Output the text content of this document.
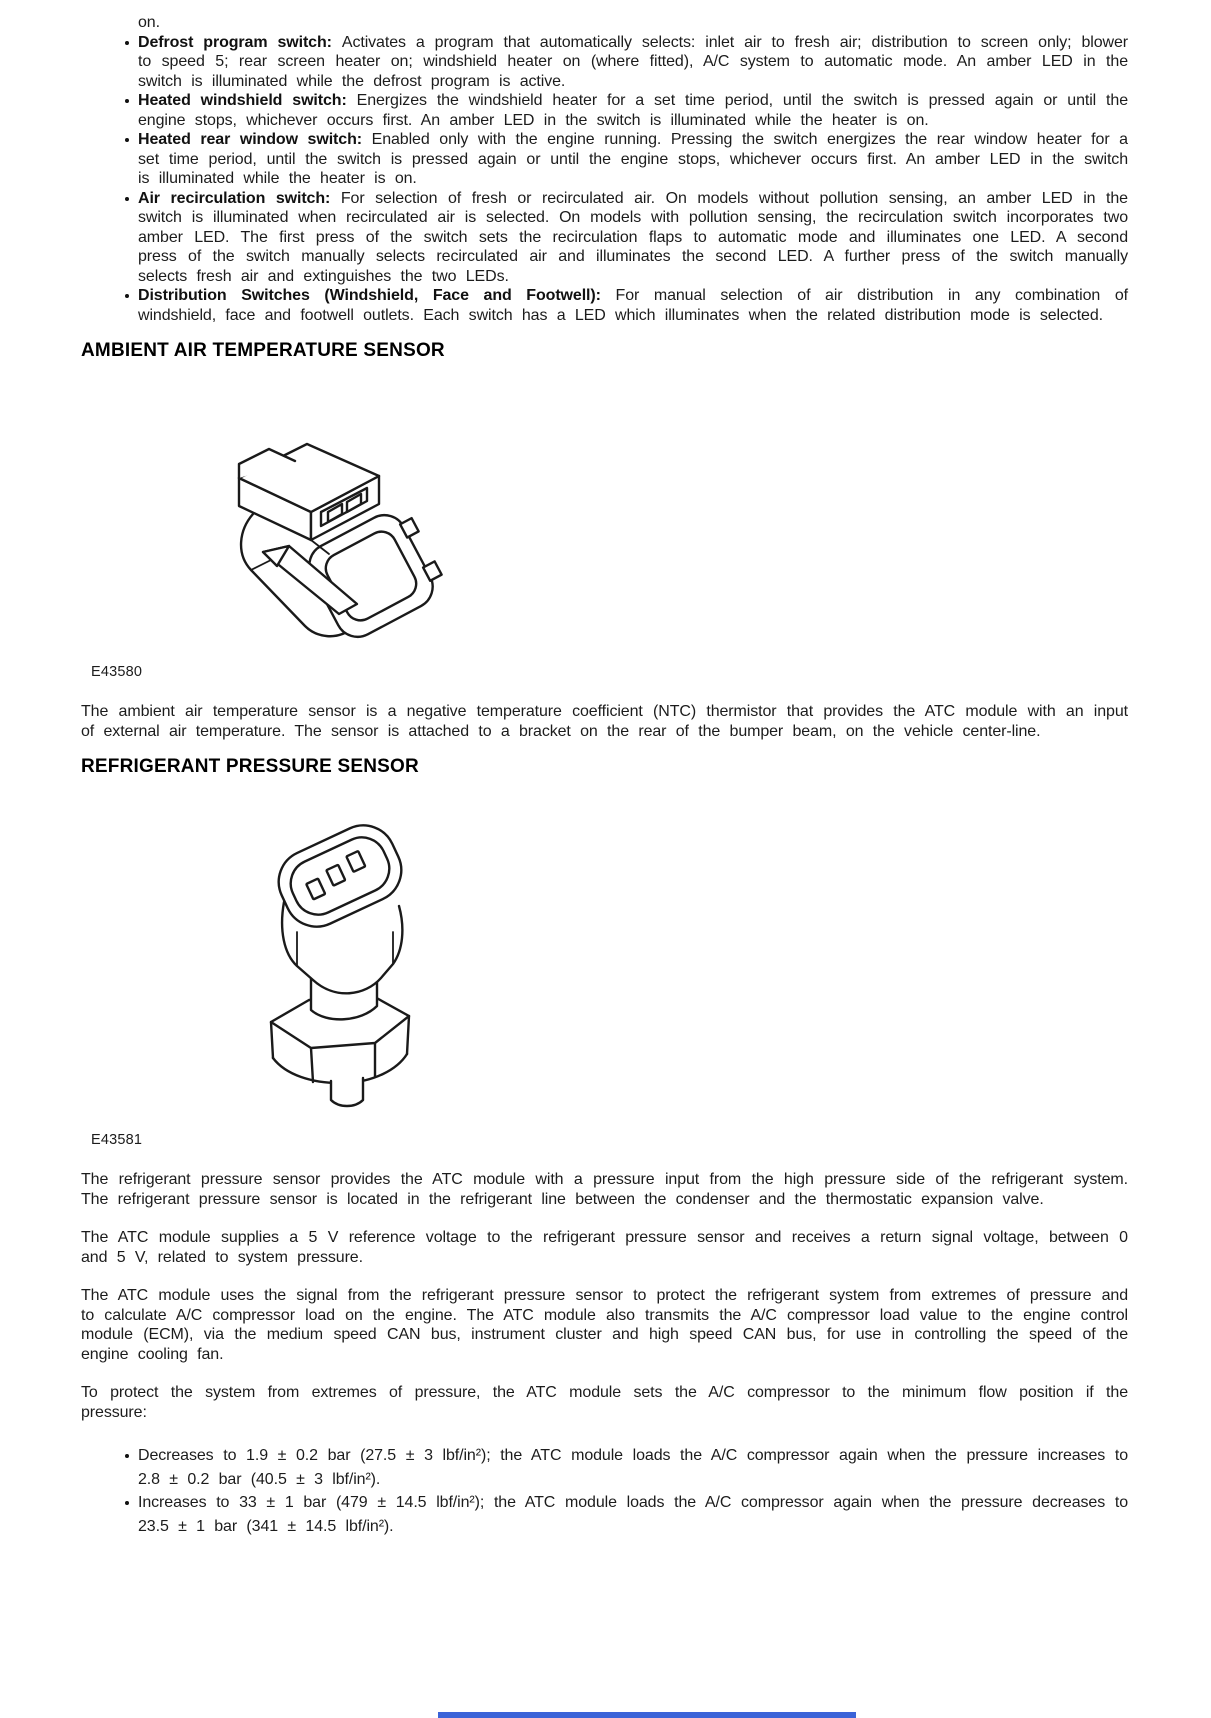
on.

Defrost program switch: Activates a program that automatically selects: inlet air to fresh air; distribution to screen only; blower to speed 5; rear screen heater on; windshield heater on (where fitted), A/C system to automatic mode. An amber LED in the switch is illuminated while the defrost program is active.
Heated windshield switch: Energizes the windshield heater for a set time period, until the switch is pressed again or until the engine stops, whichever occurs first. An amber LED in the switch is illuminated while the heater is on.
Heated rear window switch: Enabled only with the engine running. Pressing the switch energizes the rear window heater for a set time period, until the switch is pressed again or until the engine stops, whichever occurs first. An amber LED in the switch is illuminated while the heater is on.
Air recirculation switch: For selection of fresh or recirculated air. On models without pollution sensing, an amber LED in the switch is illuminated when recirculated air is selected. On models with pollution sensing, the recirculation switch incorporates two amber LED. The first press of the switch sets the recirculation flaps to automatic mode and illuminates one LED. A second press of the switch manually selects recirculated air and illuminates the second LED. A further press of the switch manually selects fresh air and extinguishes the two LEDs.
Distribution Switches (Windshield, Face and Footwell): For manual selection of air distribution in any combination of windshield, face and footwell outlets. Each switch has a LED which illuminates when the related distribution mode is selected.
AMBIENT AIR TEMPERATURE SENSOR
E43580

The ambient air temperature sensor is a negative temperature coefficient (NTC) thermistor that provides the ATC module with an input of external air temperature. The sensor is attached to a bracket on the rear of the bumper beam, on the vehicle center-line.

REFRIGERANT PRESSURE SENSOR
E43581

The refrigerant pressure sensor provides the ATC module with a pressure input from the high pressure side of the refrigerant system. The refrigerant pressure sensor is located in the refrigerant line between the condenser and the thermostatic expansion valve.

The ATC module supplies a 5 V reference voltage to the refrigerant pressure sensor and receives a return signal voltage, between 0 and 5 V, related to system pressure.

The ATC module uses the signal from the refrigerant pressure sensor to protect the refrigerant system from extremes of pressure and to calculate A/C compressor load on the engine. The ATC module also transmits the A/C compressor load value to the engine control module (ECM), via the medium speed CAN bus, instrument cluster and high speed CAN bus, for use in controlling the speed of the engine cooling fan.

To protect the system from extremes of pressure, the ATC module sets the A/C compressor to the minimum flow position if the pressure:

Decreases to 1.9 ± 0.2 bar (27.5 ± 3 lbf/in²); the ATC module loads the A/C compressor again when the pressure increases to 2.8 ± 0.2 bar (40.5 ± 3 lbf/in²).
Increases to 33 ± 1 bar (479 ± 14.5 lbf/in²); the ATC module loads the A/C compressor again when the pressure decreases to 23.5 ± 1 bar (341 ± 14.5 lbf/in²).
